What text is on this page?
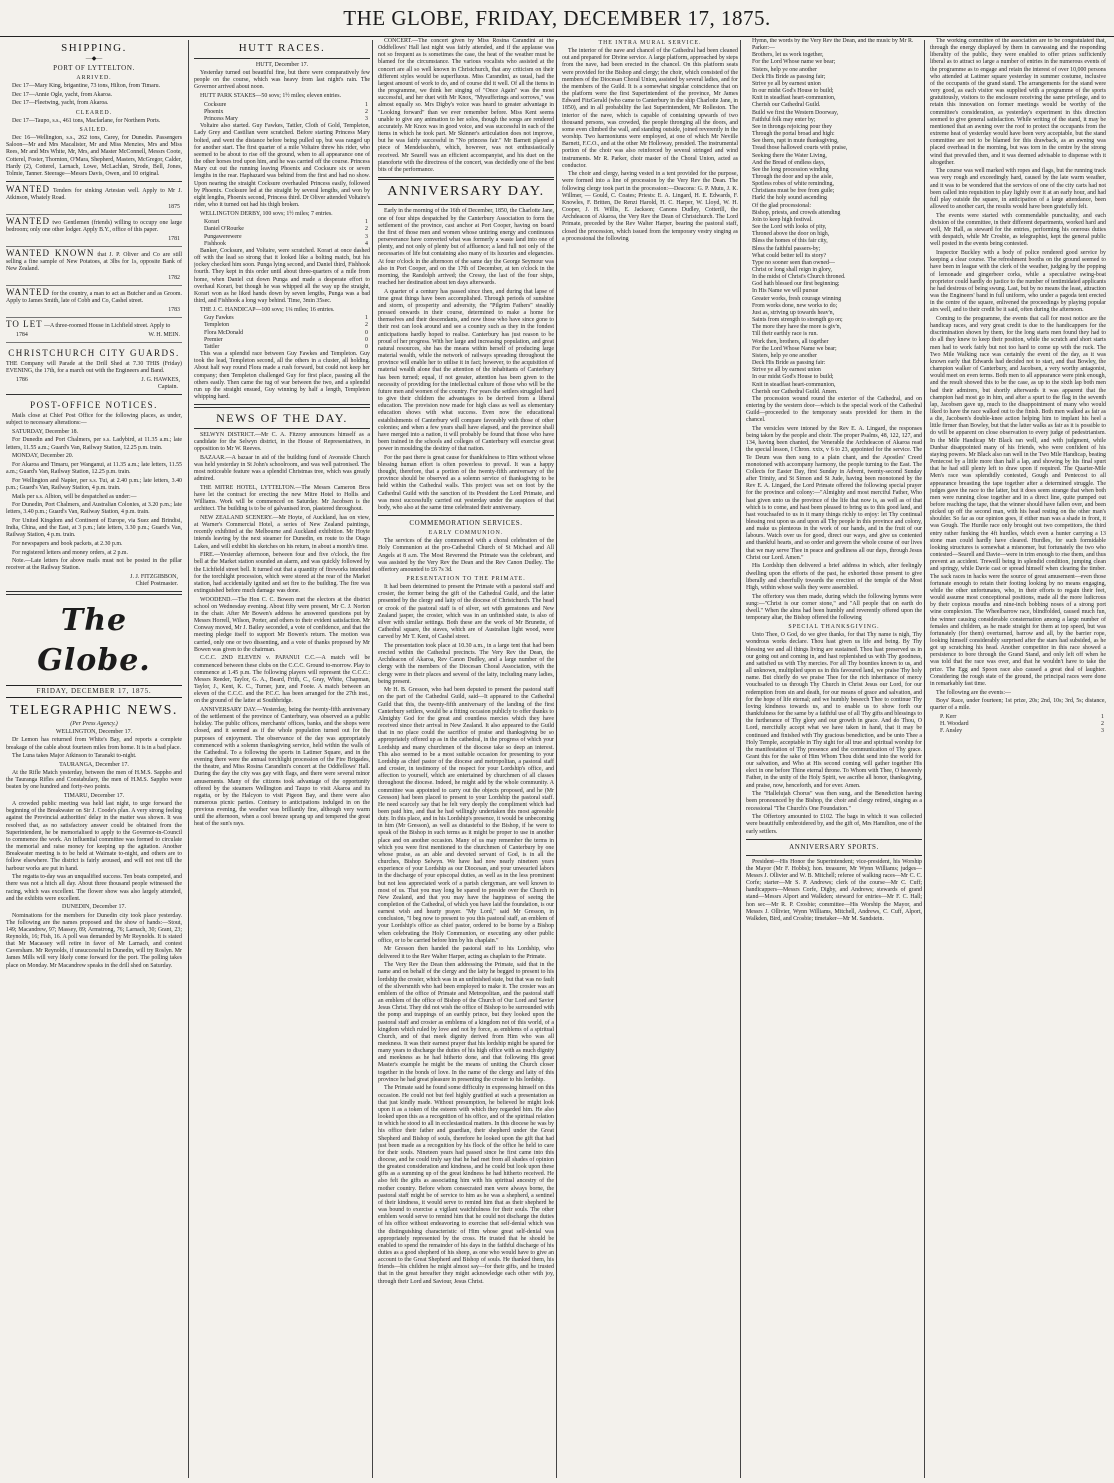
THE GLOBE, FRIDAY, DECEMBER 17, 1875.
SHIPPING.
—◆—
PORT OF LYTTELTON.
ARRIVED.

Dec 17—Mary King, brigantine, 73 tons, Hilton, from Timaru.

Dec 17—Annie Ogle, yacht, from Akaroa.

Dec 17—Fleetwing, yacht, from Akaroa.

CLEARED.

Dec 17—Taupo, s.s., 461 tons, Macfarlane, for Northern Ports.

SAILED.

Dec 16—Wellington, s.s., 262 tons, Carey, for Dunedin. Passengers Saloon—Mr and Mrs Macalister, Mr and Miss Menzies, Mrs and Miss Rees, Mr and Mrs White, Mr, Mrs, and Master McConnell, Messrs Coote, Cotterel, Foster, Thornton, O'Mara, Shepherd, Masters, McGregor, Calder, Hardy (2), Cotterel, Larnach, Lowe, McLachlan, Strode, Bell, Jones, Tolmie, Tanner. Steerage—Messrs Davis, Owen, and 10 original.

WANTED Tenders for sinking Artesian well. Apply to Mr J. Atkinson, Whately Road.

1875

WANTED two Gentlemen (friends) willing to occupy one large bedroom; only one other lodger. Apply B.Y., office of this paper.

1781

WANTED KNOWN that J. P. Oliver and Co are still selling a fine sample of New Potatoes, at 3lbs for 1s, opposite Bank of New Zealand.

1782

WANTED for the country, a man to act as Butcher and as Groom. Apply to James Smith, late of Cobb and Co, Cashel street.

1783

TO LET —A three-roomed House in Lichfield street. Apply to

1784	W. H. MEIN.
CHRISTCHURCH CITY GUARDS.

THE Company will Parade at the Drill Shed at 7.30 THIS (Friday) EVENING, the 17th, for a march out with the Engineers and Band.

1786	J. G. HAWKES,
Captain.
POST-OFFICE NOTICES.

Mails close at Chief Post Office for the following places, as under, subject to necessary alterations:—

SATURDAY, December 18.

For Dunedin and Port Chalmers, per s.s. Ladybird, at 11.35 a.m.; late letters, 11.55 a.m.; Guard's Van, Railway Station, 12.25 p.m. train.

MONDAY, December 20.

For Akaroa and Timaru, per Wanganui, at 11.35 a.m.; late letters, 11.55 a.m.; Guard's Van, Railway Station, 12.25 p.m. train.

For Wellington and Napier, per s.s. Tui, at 2.40 p.m.; late letters, 3.40 p.m.; Guard's Van, Railway Station, 4 p.m. train.

Mails per s.s. Albion, will be despatched as under:—

For Dunedin, Port Chalmers, and Australian Colonies, at 3.20 p.m.; late letters, 3.40 p.m.; Guard's Van, Railway Station, 4 p.m. train.

For United Kingdom and Continent of Europe, via Suez and Brindisi, India, China, and the East, at 3 p.m.; late letters, 3.30 p.m.; Guard's Van, Railway Station, 4 p.m. train.

For newspapers and book packets, at 2.30 p.m.

For registered letters and money orders, at 2 p.m.

Note.—Late letters for above mails must not be posted in the pillar receiver at the Railway Station.

J. J. FITZGIBBON,
Chief Postmaster.
The Globe.
FRIDAY, DECEMBER 17, 1875.
TELEGRAPHIC NEWS.
(Per Press Agency.)
WELLINGTON, December 17.

Dr Lemon has returned from White's Bay, and reports a complete breakage of the cable about fourteen miles from home. It is in a bad place.

The Luna takes Major Atkinson to Taranaki to-night.

TAURANGA, December 17.

At the Rifle Match yesterday, between the men of H.M.S. Sappho and the Tauranga Rifles and Constabulary, the men of H.M.S. Sappho were beaten by one hundred and forty-two points.

TIMARU, December 17.

A crowded public meeting was held last night, to urge forward the beginning of the Breakwater on Sir J. Coode's plan. A very strong feeling against the Provincial authorities' delay in the matter was shown. It was resolved that, as no satisfactory answer could be obtained from the Superintendent, he be memorialised to apply to the Governor-in-Council to commence the work. An influential committee was formed to circulate the memorial and raise money for keeping up the agitation. Another Breakwater meeting is to be held at Waimate to-night, and others are to follow elsewhere. The district is fairly aroused, and will not rest till the harbour works are put in hand.

The regatta to-day was an unqualified success. Ten boats competed, and there was not a hitch all day. About three thousand people witnessed the racing, which was excellent. The flower show was also largely attended, and the exhibits were excellent.

DUNEDIN, December 17.

Nominations for the members for Dunedin city took place yesterday. The following are the names proposed and the show of hands:—Stout, 149; Macandrew, 97; Massey, 89; Armstrong, 76; Larnach, 30; Grant, 23; Reynolds, 16; Fish, 16. A poll was demanded by Mr Reynolds. It is stated that Mr Macassey will retire in favor of Mr Larnach, and contest Caversham. Mr Reynolds, if unsuccessful in Dunedin, will try Roslyn. Mr James Mills will very likely come forward for the port. The polling takes place on Monday. Mr Macandrew speaks in the drill shed on Saturday.

HUTT RACES.
HUTT, December 17.

Yesterday turned out beautiful fine, but there were comparatively few people on the course, which was heavy from last night's rain. The Governor arrived about noon.

HUTT PARK STAKES—50 sovs; 1½ miles; eleven entries.

Cocksure	1
Phoenix	2
Princess Mary	3

Voltaire also started. Guy Fawkes, Tattler, Cloth of Gold, Templeton, Lady Grey and Castilian were scratched. Before starting Princess Mary bolted, and went the distance before being pulled up, but was ranged up for another start. The first quarter of a mile Voltaire threw his rider, who seemed to be about to rise off the ground, when to all appearance one of the other horses trod upon him, and he was carried off the course. Princess Mary cut out the running leaving Phoenix and Cocksure six or seven lengths in the rear. Haphazard was behind from the first and had no show. Upon nearing the straight Cocksure overhauled Princess easily, followed by Phoenix. Cocksure led at the straight by several lengths, and won by eight lengths, Phoenix second, Princess third. Dr Oliver attended Voltaire's rider, who it turned out had his thigh broken.

WELLINGTON DERBY, 100 sovs; 1½ miles; 7 entries.

Korari	1
Daniel O'Rourke	2
Pungawerewere	3
Fishhook	4

Banker, Cocksure, and Voltaire, were scratched. Korari at once dashed off with the lead so strong that it looked like a bolting match, but his jockey checked him soon. Punga lying second, and Daniel third, Fishhook fourth. They kept in this order until about three-quarters of a mile from home, when Daniel cut down Punga and made a desperate effort to overhaul Korari, but though he was whipped all the way up the straight, Korari won as he liked hands down by seven lengths, Punga was a bad third, and Fishhook a long way behind. Time, 3min 35sec.

THE J. C. HANDICAP—100 sovs; 1¼ miles; 16 entries.

Guy Fawkes	1
Templeton	2
Flora McDonald	0
Premier	0
Tattler	0

This was a splendid race between Guy Fawkes and Templeton. Guy took the lead, Templeton second, all the others in a cluster, all holding. About half way round Flora made a rush forward, but could not keep her company; then Templeton challenged Guy for first place, passing all the others easily. Then came the tug of war between the two, and a splendid run up the straight ensued, Guy winning by half a length, Templeton whipping hard.

NEWS OF THE DAY.

SELWYN DISTRICT.—Mr C. A. Fitzroy announces himself as a candidate for the Selwyn district, in the House of Representatives, in opposition to Mr W. Reeves.

BAZAAR.—A bazaar in aid of the building fund of Avonside Church was held yesterday in St John's schoolroom, and was well patronised. The most noticeable feature was a splendid Christmas tree, which was greatly admired.

THE MITRE HOTEL, LYTTELTON.—The Messrs Cameron Bros have let the contract for erecting the new Mitre Hotel to Hollis and Williams. Work will be commenced on Saturday. Mr Jacobsen is the architect. The building is to be of galvanised iron, plastered throughout.

NEW ZEALAND SCENERY.—Mr Hoyte, of Auckland, has on view, at Warner's Commercial Hotel, a series of New Zealand paintings, recently exhibited at the Melbourne and Auckland exhibition. Mr Hoyte intends leaving by the next steamer for Dunedin, en route to the Otago Lakes, and will exhibit his sketches on his return, in about a month's time.

FIRE.—Yesterday afternoon, between four and five o'clock, the fire bell at the Market station sounded an alarm, and was quickly followed by the Lichfield street bell. It turned out that a quantity of fireworks intended for the torchlight procession, which were stored at the rear of the Market station, had accidentally ignited and set fire to the building. The fire was extinguished before much damage was done.

WOODEND.—The Hon C. C. Bowen met the electors at the district school on Wednesday evening. About fifty were present, Mr C. J. Norton in the chair. After Mr Bowen's address he answered questions put by Messrs Horrell, Wilson, Porter, and others to their evident satisfaction. Mr Conway moved, Mr J. Bailey seconded, a vote of confidence, and that the meeting pledge itself to support Mr Bowen's return. The motion was carried, only one or two dissenting, and a vote of thanks proposed by Mr Bowen was given to the chairman.

C.C.C. 2ND ELEVEN v. PAPANUI C.C.—A match will be commenced between these clubs on the C.C.C. Ground to-morrow. Play to commence at 1.45 p.m. The following players will represent the C.C.C.: Messrs Reeder, Taylor, G. A., Beard, Frith, C., Gray, White, Chapman, Taylor, J., Kent, K. C., Turner, junr, and Foote. A match between an eleven of the C.C.C. and the P.C.C. has been arranged for the 27th inst., on the ground of the latter at Southbridge.

ANNIVERSARY DAY.—Yesterday, being the twenty-fifth anniversary of the settlement of the province of Canterbury, was observed as a public holiday. The public offices, merchants' offices, banks, and the shops were closed, and it seemed as if the whole population turned out for the purposes of enjoyment. The observance of the day was appropriately commenced with a solemn thanksgiving service, held within the walls of the Cathedral. To a following the sports in Latimer Square, and in the evening there were the annual torchlight procession of the Fire Brigades, the theatre, and Miss Rosina Carandini's concert at the Oddfellows' Hall. During the day the city was gay with flags, and there were several minor amusements. Many of the citizens took advantage of the opportunity offered by the steamers Wellington and Taupo to visit Akaroa and its regatta, or by the Halcyon to visit Pigeon Bay, and there were also numerous picnic parties. Contrary to anticipations indulged in on the previous evening, the weather was brilliantly fine, although very warm until the afternoon, when a cool breeze sprang up and tempered the great heat of the sun's rays.

CONCERT.—The concert given by Miss Rosina Carandini at the Oddfellows' Hall last night was fairly attended, and if the applause was not so frequent as is sometimes the case, the heat of the weather must be blamed for the circumstance. The various vocalists who assisted at the concert are all so well known in Christchurch, that any criticism on their different styles would be superfluous. Miss Carandini, as usual, had the largest amount of work to do, and of course did it well. Of all the items in the programme, we think her singing of "Once Again" was the most successful, and her duet with Mr Knox, "Mysufferings and sorrows," was almost equally so. Mrs Digby's voice was heard to greater advantage in "Looking forward" than we ever remember before. Miss Kent seems unable to give any animation to her solos, though the songs are rendered accurately. Mr Knox was in good voice, and was successful in each of the items in which he took part. Mr Skinner's articulation does not improve, but he was fairly successful in "No princess fair." Mr Barnett played a piece of Mendelssohn's, which, however, was not enthusiastically received. Mr Searell was an efficient accompanyist, and his duet on the pianoforte with the directress of the concert, was decidedly one of the best bits of the performance.

ANNIVERSARY DAY.

Early in the morning of the 16th of December, 1850, the Charlotte Jane, one of four ships despatched by the Canterbury Association to form the settlement of the province, cast anchor at Port Cooper, having on board the first of those men and women whose untiring energy and continuous perseverance have converted what was formerly a waste land into one of plenty, and not only of plenty but of affluence; a land full not only of the necessaries of life but containing also many of its luxuries and elegancies. At four o'clock in the afternoon of the same day the George Seymour was also in Port Cooper, and on the 17th of December, at ten o'clock in the morning, the Randolph arrived; the Cressy, the last of the four ships, reached her destination about ten days afterwards.

A quarter of a century has passed since then, and during that lapse of time great things have been accomplished. Through periods of sunshine and storm, of prosperity and adversity, the "Pilgrim Fathers" steadily pressed onwards in their course, determined to make a home for themselves and their descendants, and now those who have since gone to their rest can look around and see a country such as they in the fondest anticipations hardly hoped to realise. Canterbury has just reason to be proud of her progress. With her large and increasing population, and great natural resources, she has the means within herself of producing large material wealth, while the network of railways spreading throughout the province will enable her to utilise it in fact; however, to the acquisition of material wealth alone that the attention of the inhabitants of Canterbury has been turned; equal, if not greater, attention has been given to the necessity of providing for the intellectual culture of those who will be the future men and women of the country. For years the settlers struggled hard to give their children the advantages to be derived from a liberal education. The provision now made for high class as well as elementary education shows with what success. Even now the educational establishments of Canterbury will compare favorably with those of other colonies; and when a few years shall have elapsed, and the province shall have merged into a nation, it will probably be found that those who have been trained in the schools and colleges of Canterbury will exercise great power in moulding the destiny of that nation.

For the past there is great cause for thankfulness to Him without whose blessing human effort is often powerless to prevail. It was a happy thought, therefore, that a portion of the twenty-fifth anniversary of the province should be observed as a solemn service of thanksgiving to be held within the Cathedral walls. This project was set on foot by the Cathedral Guild with the sanction of its President the Lord Primate, and was most successfully carried out yesterday under the auspices of that body, who also at the same time celebrated their anniversary.

COMMEMORATION SERVICES.
EARLY COMMUNION.

The services of the day commenced with a choral celebration of the Holy Communion at the pro-Cathedral Church of St Michael and All Angels at 8 a.m. The Most Reverend the Primate was the celebrant, and was assisted by the Very Rev the Dean and the Rev Canon Dudley. The offertory amounted to £6 7s 3d.

PRESENTATION TO THE PRIMATE.

It had been determined to present the Primate with a pastoral staff and crosier, the former being the gift of the Cathedral Guild, and the latter presented by the clergy and laity of the diocese of Christchurch. The head or crook of the pastoral staff is of silver, set with gemstones and New Zealand jasper, the crosier, which was in an unfinished state, is also of silver with similar settings. Both these are the work of Mr Brunette, of Cathedral square, the staves, which are of Australian light wood, were carved by Mr T. Kent, of Cashel street.

The presentation took place at 10.30 a.m., in a large tent that had been erected within the Cathedral precincts. The Very Rev the Dean, the Archdeacon of Akaroa, Rev Canon Dudley, and a large number of the clergy with the members of the Diocesan Choral Association, with the clergy were in their places and several of the laity, including many ladies, being present.

Mr H. B. Gresson, who had been deputed to present the pastoral staff on the part of the Cathedral Guild, said—It appeared to the Cathedral Guild that this, the twenty-fifth anniversary of the landing of the first Canterbury settlers, would be a fitting occasion publicly to offer thanks to Almighty God for the great and countless mercies which they have received since their arrival in New Zealand. It also appeared to the Guild that in no place could the sacrifice of praise and thanksgiving be so appropriately offered up as in the cathedral, in the progress of which your Lordship and many churchmen of the diocese take so deep an interest. This also seemed to be a most suitable occasion for presenting to your Lordship as chief pastor of the diocese and metropolitan, a pastoral staff and crosier, in testimony of the respect for your Lordship's office, and affection to yourself, which are entertained by churchmen of all classes throughout the diocese. Indeed, he might add by the whole community. A committee was appointed to carry out the objects proposed, and he (Mr Gresson) had been placed to present to your Lordship the pastoral staff. He need scarcely say that he felt very deeply the compliment which had been paid him, and that he had willingly undertaken this most agreeable duty. In this place, and in his Lordship's presence, it would be unbecoming in him (Mr Gresson), as well as distasteful to the Bishop, if he were to speak of the Bishop in such terms as it might be proper to use in another place and on another occasion. Many of us may remember the terms in which you were first mentioned to the churchmen of Canterbury by one whose praise, as an able and devoted servant of God, is in all the churches, Bishop Selwyn. We have had now nearly nineteen years experience of your Lordship as our Diocesan, and your unwearied labors in the discharge of your episcopal duties, as well as in the less prominent but not less appreciated work of a parish clergyman, are well known to most of us. That you may long be spared to preside over the Church in New Zealand, and that you may have the happiness of seeing the completion of the Cathedral, of which you have laid the foundation, is our earnest wish and hearty prayer. "My Lord," said Mr Gresson, in conclusion, "I beg now to present to you this pastoral staff, an emblem of your Lordship's office as chief pastor, ordered to be borne by a Bishop when celebrating the Holy Communion, or executing any other public office, or to be carried before him by his chaplain."

Mr Gresson then handed the pastoral staff to his Lordship, who delivered it to the Rev Walter Harper, acting as chaplain to the Primate.

The Very Rev the Dean then addressing the Primate, said that in the name and on behalf of the clergy and the laity he begged to present to his lordship the crosier, which was in an unfinished state, but that was no fault of the silversmith who had been employed to make it. The crosier was an emblem of the office of Primate and Metropolitan, and the pastoral staff an emblem of the office of Bishop of the Church of Our Lord and Savior Jesus Christ. They did not wish the office of Bishop to be surrounded with the pomp and trappings of an earthly prince, but they looked upon the pastoral staff and crosier as emblems of a kingdom not of this world, of a kingdom which ruled by love and not by force, as emblems of a spiritual Church, and of that meek dignity derived from Him who was all meekness. It was their earnest prayer that his lordship might be spared for many years to discharge the duties of his high office with as much dignity and meekness as he had hitherto done, and that following His great Master's example he might be the means of uniting the Church closer together in the bonds of love. In the name of the clergy and laity of this province he had great pleasure in presenting the crosier to his lordship.

The Primate said he found some difficulty in expressing himself on this occasion. He could not but feel highly gratified at such a presentation as that just kindly made. Without presumption, he believed he might look upon it as a token of the esteem with which they regarded him. He also looked upon this as a recognition of his office, and of the spiritual relation in which he stood to all in ecclesiastical matters. In this diocese he was by his office their father and guardian, their shepherd under the Great Shepherd and Bishop of souls, therefore he looked upon the gift that had just been made as a recognition by his flock of the office he held to care for their souls. Nineteen years had passed since he first came into this diocese, and he could truly say that he had met from all shades of opinion the greatest consideration and kindness, and he could but look upon these gifts as a summing up of the great kindness he had hitherto received. He also felt the gifts as associating him with his spiritual ancestry of the mother country. Before whom consecrated men were always borne, the pastoral staff might be of service to him as he was a shepherd, a sentinel of their kindness, it would serve to remind him that as their shepherd he was bound to exercise a vigilant watchfulness for their souls. The other emblem would serve to remind him that he could not discharge the duties of his office without endeavoring to exercise that self-denial which was the distinguishing characteristic of Him whose great self-denial was appropriately represented by the cross. He trusted that he should be enabled to spend the remainder of his days in the faithful discharge of his duties as a good shepherd of his sheep, as one who would have to give an account to the Great Shepherd and Bishop of souls. He thanked them, his friends—his children he might almost say—for their gifts, and he trusted that in the great hereafter they might acknowledge each other with joy, through their Lord and Saviour, Jesus Christ.

THE INTRA MURAL SERVICE.

The interior of the nave and chancel of the Cathedral had been cleaned out and prepared for Divine service. A large platform, approached by steps from the nave, had been erected in the chancel. On this platform seats were provided for the Bishop and clergy; the choir, which consisted of the members of the Diocesan Choral Union, assisted by several ladies, and for the members of the Guild. It is a somewhat singular coincidence that on the platform were the first Superintendent of the province, Mr James Edward FitzGerald (who came to Canterbury in the ship Charlotte Jane, in 1850), and in all probability the last Superintendent, Mr Rolleston. The interior of the nave, which is capable of containing upwards of two thousand persons, was crowded, the people thronging all the doors, and some even climbed the wall, and standing outside, joined reverently in the worship. Two harmoniums were employed, at one of which Mr Neville Barnett, F.C.O., and at the other Mr Holloway, presided. The instrumental portion of the choir was also reinforced by several stringed and wind instruments. Mr R. Parker, choir master of the Choral Union, acted as conductor.

The choir and clergy, having vested in a tent provided for the purpose, were formed into a line of procession by the Very Rev the Dean. The following clergy took part in the procession:—Deacons: G. P. Mutu, J. K. Willmer, — Gould, C. Coates; Priests: E. A. Lingard, H. E. Edwards, F. Knowles, F. Britten, De Renzi Harold, H. C. Harper, W. Lloyd, W. H. Cooper, J. H. Willis, E. Jackson; Canons Dudley, Cotterill, the Archdeacon of Akaroa, the Very Rev the Dean of Christchurch. The Lord Primate, preceded by the Rev Walter Harper, bearing the pastoral staff, closed the procession, which issued from the temporary vestry singing as a processional the following

Hymn, the words by the Very Rev the Dean, and the music by Mr R. Parker:—
Brothers, let us work together,
For the Lord Whose name we bear;
Sisters, help ye one another
Deck His Bride as passing fair;
Strive ye all by earnest union
In our midst God's House to build;
Knit in steadfast heart-communion,
Cherish our Cathedral Guild.
Build we first the Western Doorway,
Faithful folk may enter by;
See in throngs rejoicing pour they
Through the portal broad and high:
See them, rapt in mute thanksgiving,
Tread those hallowed courts with praise,
Seeking there the Water Living,
And the Bread of endless days,
See the long procession winding
Through the door and up the aisle,
Spotless robes of white reminding,
Christians must be free from guile;
Hark! the holy sound ascending
Of the glad processional:
Bishop, priests, and crowds attending
Join to keep high festival.
See the Lord with looks of pity,
Throned above the door on high,
Bless the homes of this fair city,
Bless the faithful passers-by;
What could better tell its story?
Type no sooner seen than owned—
Christ or long shall reign in glory,
In the midst of Christ's Church throned.
God hath blessed our first beginning;
In His Name we will pursue
Greater works, fresh courage winning
From works done, new works to do;
Just as, striving up towards heav'n,
Saints from strength to strength go on;
The more they have the more is giv'n,
Till their earthly race is run.
Work then, brothers, all together
For the Lord Whose Name we bear;
Sisters, help ye one another
Deck His Bride as passing fair:
Strive ye all by earnest union
In our midst God's House to build;
Knit in steadfast heart-communion,
Cherish our Cathedral Guild. Amen.

The procession wound round the exterior of the Cathedral, and on entering by the western door—which is the special work of the Cathedral Guild—proceeded to the temporary seats provided for them in the chancel.

The versicles were intoned by the Rev E. A. Lingard, the responses being taken by the people and choir. The proper Psalms, 48, 122, 127, and 134, having been chanted, the Venerable the Archdeacon of Akaroa read the special lesson, I Chron. xxix, v 6 to 23, appointed for the service. The Te Deum was then sung to a plain chant, and the Apostles' Creed monotoned with accompany harmony, the people turning to the East. The Collects for Easter Day, first Sunday in Advent, twenty-second Sunday after Trinity, and St Simon and St Jude, having been monotoned by the Rev E. A. Lingard, the Lord Primate offered the following special prayer for the province and colony:—"Almighty and most merciful Father, Who hast given unto us the province of the life that now is, as well as of that which is to come, and hast been pleased to bring us to this good land, and hast vouchsafed to us in it many things richly to enjoy: let Thy continual blessing rest upon us and upon all Thy people in this province and colony, and make us plenteous in the work of our hands, and in the fruit of our labours. Watch over us for good, direct our ways, and give us contented and thankful hearts, and so order and govern the whole course of our lives that we may serve Thee in peace and godliness all our days, through Jesus Christ our Lord. Amen."

His Lordship then delivered a brief address in which, after feelingly dwelling upon the efforts of the past, he exhorted those present to give liberally and cheerfully towards the erection of the temple of the Most High, within whose walls they were assembled.

The offertory was then made, during which the following hymns were sung:—"Christ is our corner stone," and "All people that on earth do dwell." When the alms had been humbly and reverently offered upon the temporary altar, the Bishop offered the following

SPECIAL THANKSGIVING.

Unto Thee, O God, do we give thanks, for that Thy name is nigh, Thy wondrous works declare. Thou hast given us life and being. By Thy blessing we and all things living are sustained. Thou hast preserved us in our going out and coming in, and hast replenished us with Thy goodness, and satisfied us with Thy mercies. For all Thy bounties known to us, and all unknown, multiplied upon us in this favoured land, we praise Thy holy name. But chiefly do we praise Thee for the rich inheritance of mercy vouchsafed to us through Thy Church in Christ Jesus our Lord, for our redemption from sin and death, for our means of grace and salvation, and for the hope of life eternal; and we humbly beseech Thee to continue Thy loving kindness towards us, and to enable us to show forth our thankfulness for the same by a faithful use of all Thy gifts and blessings to the furtherance of Thy glory and our growth in grace. And do Thou, O Lord, mercifully accept what we have taken in hand, that it may be continued and finished with Thy gracious benediction, and be unto Thee a Holy Temple, acceptable in Thy sight for all true and spiritual worship for the manifestation of Thy presence and the communication of Thy grace. Grant this for the sake of Him Whom Thou didst send into the world for our salvation, and Who at His second coming will gather together His elect in one before Thine eternal throne. To Whom with Thee, O heavenly Father, in the unity of the Holy Spirit, we ascribe all honor, thanksgiving, and praise, now, henceforth, and for ever. Amen.

The "Hallelujah Chorus" was then sung, and the Benediction having been pronounced by the Bishop, the choir and clergy retired, singing as a recessional "The Church's One Foundation."

The Offertory amounted to £102. The bags in which it was collected were beautifully embroidered by, and the gift of, Mrs Hamilton, one of the early settlers.

ANNIVERSARY SPORTS.

President—His Honor the Superintendent; vice-president, his Worship the Mayor (Mr F. Hobbs); hon. treasurer, Mr Wynn Williams; judges—Messrs J. Ollivier and W. B. Mitchell; referee of walking races—Mr C. C. Corfe; starter—Mr S. P. Andrews; clerk of the course—Mr C. Cuff; handicappers—Messrs Corfe, Digby, and Andrews; stewards of grand stand—Messrs Alport and Walkden; steward for entries—Mr F. C. Hall; hon sec—Mr R. P. Crosbie; committee—His Worship the Mayor, and Messrs J. Ollivier, Wynn Williams, Mitchell, Andrews, C. Cuff, Alport, Walkden, Bird, and Crosbie; timetaker—Mr M. Sandstein.

The working committee of the association are to be congratulated that, through the energy displayed by them in canvassing and the responding liberality of the public, they were enabled to offer prizes sufficiently liberal as to attract so large a number of entries in the numerous events of the programme as to engage and retain the interest of over 10,000 persons who attended at Latimer square yesterday in summer costume, inclusive of the occupants of the grand stand. The arrangements for the stand were very good, as each visitor was supplied with a programme of the sports gratuitously, visitors to the enclosure receiving the same privilege, and to retain this innovation on former meetings would be worthy of the committee's consideration, as yesterday's experiment in this direction seemed to give general satisfaction. While writing of the stand, it may be mentioned that an awning over the roof to protect the occupants from the extreme heat of yesterday would have been very acceptable, but the stand committee are not to be blamed for this drawback, as an awning was placed overhead in the morning, but was torn in the centre by the strong wind that prevailed then, and it was deemed advisable to dispense with it altogether.

The course was well marked with ropes and flags, but the running track was very rough and exceedingly hard, caused by the late warm weather, and it was to be wondered that the services of one of the city carts had not been called into requisition to play lightly over it at an early hour, and had full play outside the square, in anticipation of a large attendance, been allowed to another cart, the results would have been gratefully felt.

The events were started with commendable punctuality, and each division of the committee, in their different departments, worked hard and well, Mr Hall, as steward for the entries, performing his onerous duties with despatch, while Mr Crosbie, as telegraphist, kept the general public well posted in the events being contested.

Inspector Buckley with a body of police rendered good service by keeping a clear course. The refreshment booths on the ground seemed to have been in league with the clerk of the weather, judging by the popping of lemonade and gingerbeer corks, while a speculative swing-boat proprietor could hardly do justice to the number of tentimidated applicants he had desirous of being swung. Last, but by no means the least, attraction was the Engineers' band in full uniform, who under a pagoda tent erected in the centre of the square, enlivened the proceedings by playing popular airs well, and to their credit be it said, often during the afternoon.

Coming to the programme, the events that call for most notice are the handicap races, and very great credit is due to the handicappers for the discrimination shown by them, for the long starts men found they had to do all they knew to keep their position, while the scratch and short starts men had to work fairly but not too hard to come up with the ruck. The Two Mile Walking race was certainly the event of the day, as it was known early that Edwards had decided not to start, and that Bowley, the champion walker of Canterbury, and Jacobsen, a very worthy antagonist, would meet on even terms. Both men to all appearance were pink enough, and the result showed this to be the case, as up to the sixth lap both men had their admirers, but shortly afterwards it was apparent that the champion had most go in him, and after a spurt to the flag in the seventh lap, Jacobsen gave up, much to the disappointment of many who would liked to have the race walked out to the finish. Both men walked as fair as a die, Jacobsen's double-knee action helping him to implant his heel a little firmer than Bowley, but that the latter walks as fair as it is possible to do will be apparent on close observation to every judge of pedestrianism. In the Mile Handicap Mr Black ran well, and with judgment, while Dunbar disappointed many of his friends, who were confident of his staying powers. Mr Black also ran well in the Two Mile Handicap, beating Pentecost by a little more than half a lap, and showing by his final spurt that he had still plenty left to draw upon if required. The Quarter-Mile Men's race was splendidly contested, Gough and Pentecost to all appearance breasting the tape together after a determined struggle. The judges gave the race to the latter, but it does seem strange that when both men were running close together and in a direct line, quite pumped out before reaching the tape, that the winner should have fallen over, and been picked up off the second man, with his head resting on the other man's shoulder. So far as our opinion goes, if either man was a shade in front, it was Gough. The Hurdle race only brought out two competitors, the third entry rather funking the 4ft hurdles, which even a hunter carrying a 13 stone man could hardly have cleared. Hurdles, for such formidable looking structures is somewhat a misnomer, but fortunately the two who contested—Searell and Davie—were in trim enough to rise them, and thus prevent an accident. Treweill being in splendid condition, jumping clean and springy, while Davie cast or spread himself when clearing the timber. The sack races in hacks were the source of great amusement—even those fortunate enough to retain their footing looking by no means engaging, while the other unfortunates, who, in their efforts to regain their feet, would assume most conceptional positions, made all the more ludicrous by their copious mouths and nine-inch bobbing noses of a strong port wine complexion. The Wheelbarrow race, blindfolded, caused much fun, the winner causing considerable consternation among a large number of females and children, as he made straight for them at top speed, but was fortunately (for them) overturned, barrow and all, by the barrier rope, looking himself considerably surprised after the stars had subsided, as he got up scratching his head. Another competitor in this race showed a persistence to bore through the Grand Stand, and only left off when he was told that the race was over, and that he wouldn't have to take the prize. The Egg and Spoon race also caused a great deal of laughter. Considering the rough state of the ground, the principal races were done in remarkably fast time.

The following are the events:—

Boys' Race, under fourteen; 1st prize, 20s; 2nd, 10s; 3rd, 5s; distance, quarter of a mile.

P. Kerr	1
H. Woodard	2
F. Ansley	3
